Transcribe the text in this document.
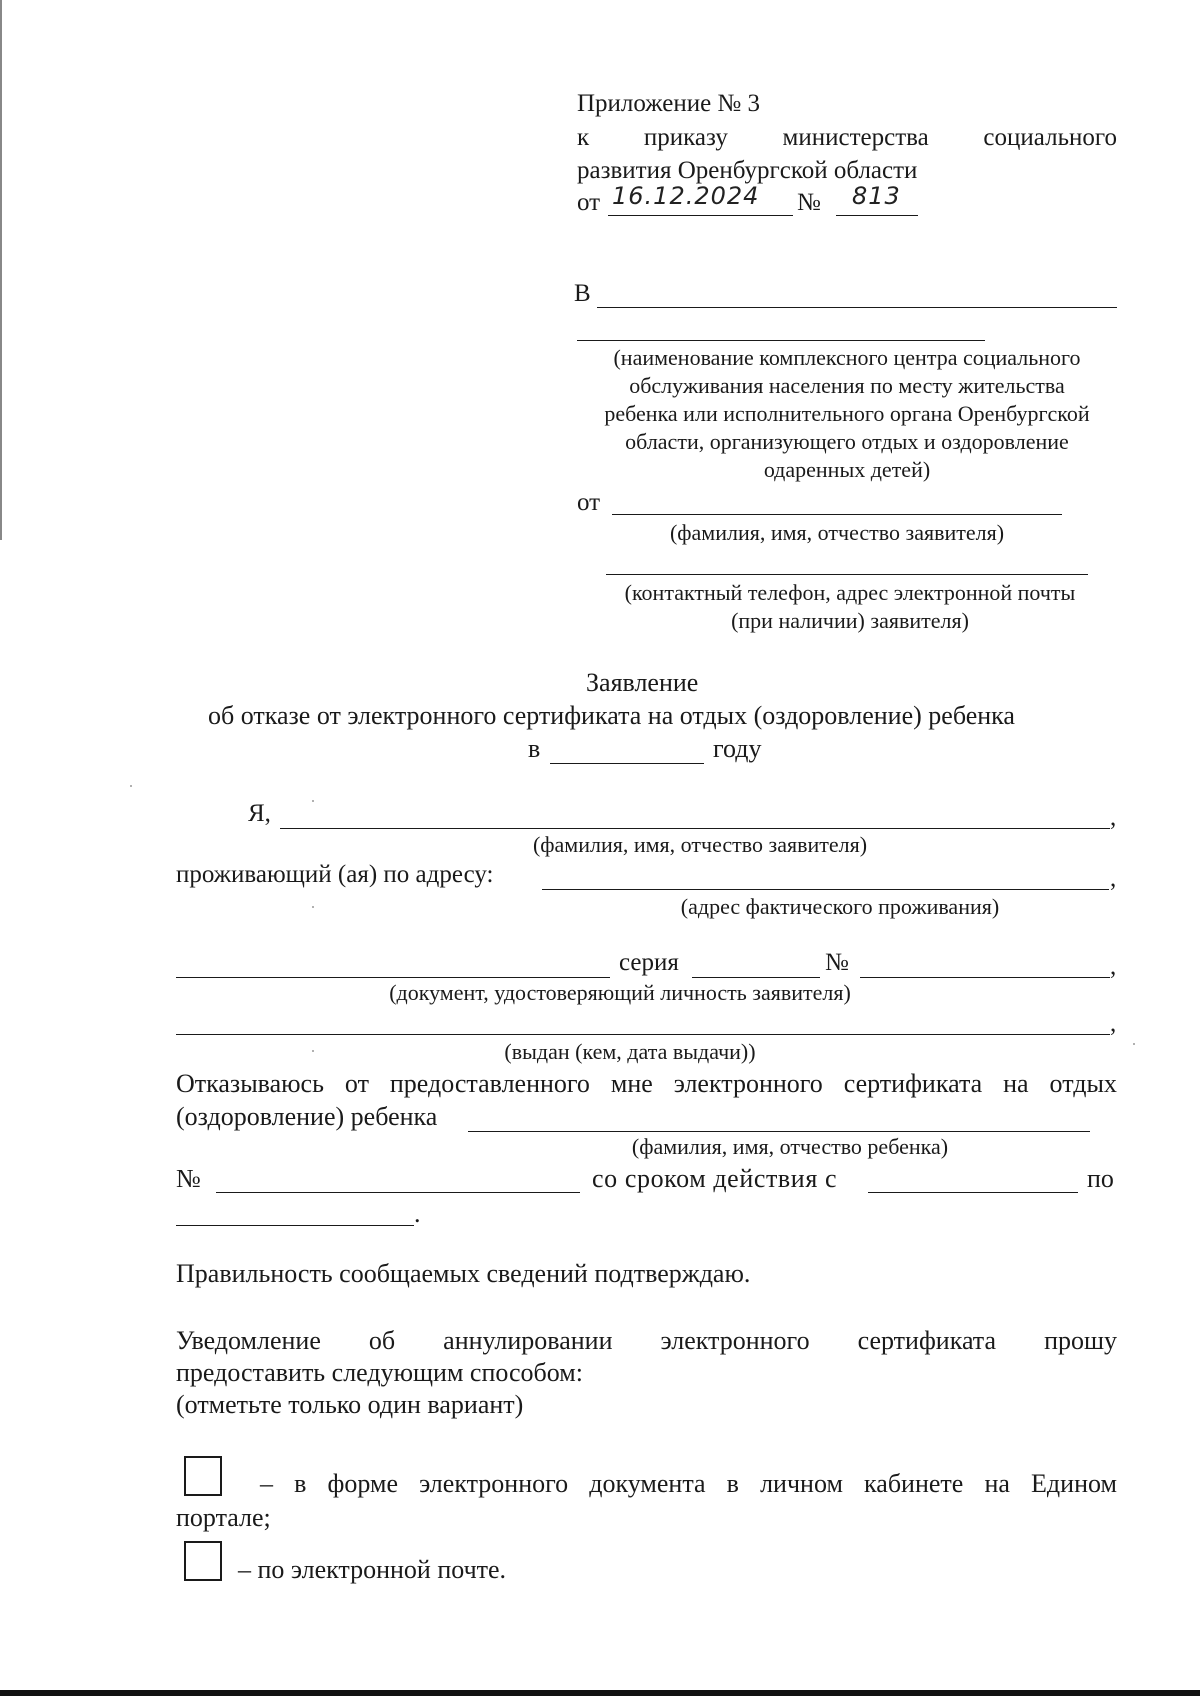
Приложение № 3
к приказу министерства социального
развития Оренбургской области
от 16.12.2024 № 813
В
(наименование комплексного центра социального
обслуживания населения по месту жительства
ребенка или исполнительного органа Оренбургской
области, организующего отдых и оздоровление
одаренных детей)
от
(фамилия, имя, отчество заявителя)
(контактный телефон, адрес электронной почты
(при наличии) заявителя)
Заявление
об отказе от электронного сертификата на отдых (оздоровление) ребенка
в	году
Я,	,
(фамилия, имя, отчество заявителя)
проживающий (ая) по адресу:	,
(адрес фактического проживания)
серия	№	,
(документ, удостоверяющий личность заявителя)
,
(выдан (кем, дата выдачи))
Отказываюсь от предоставленного мне электронного сертификата на отдых
(оздоровление) ребенка
(фамилия, имя, отчество ребенка)
№	со сроком действия с	по
.
Правильность сообщаемых сведений подтверждаю.
Уведомление об аннулировании электронного сертификата прошу
предоставить следующим способом:
(отметьте только один вариант)
– в форме электронного документа в личном кабинете на Едином
портале;
– по электронной почте.
